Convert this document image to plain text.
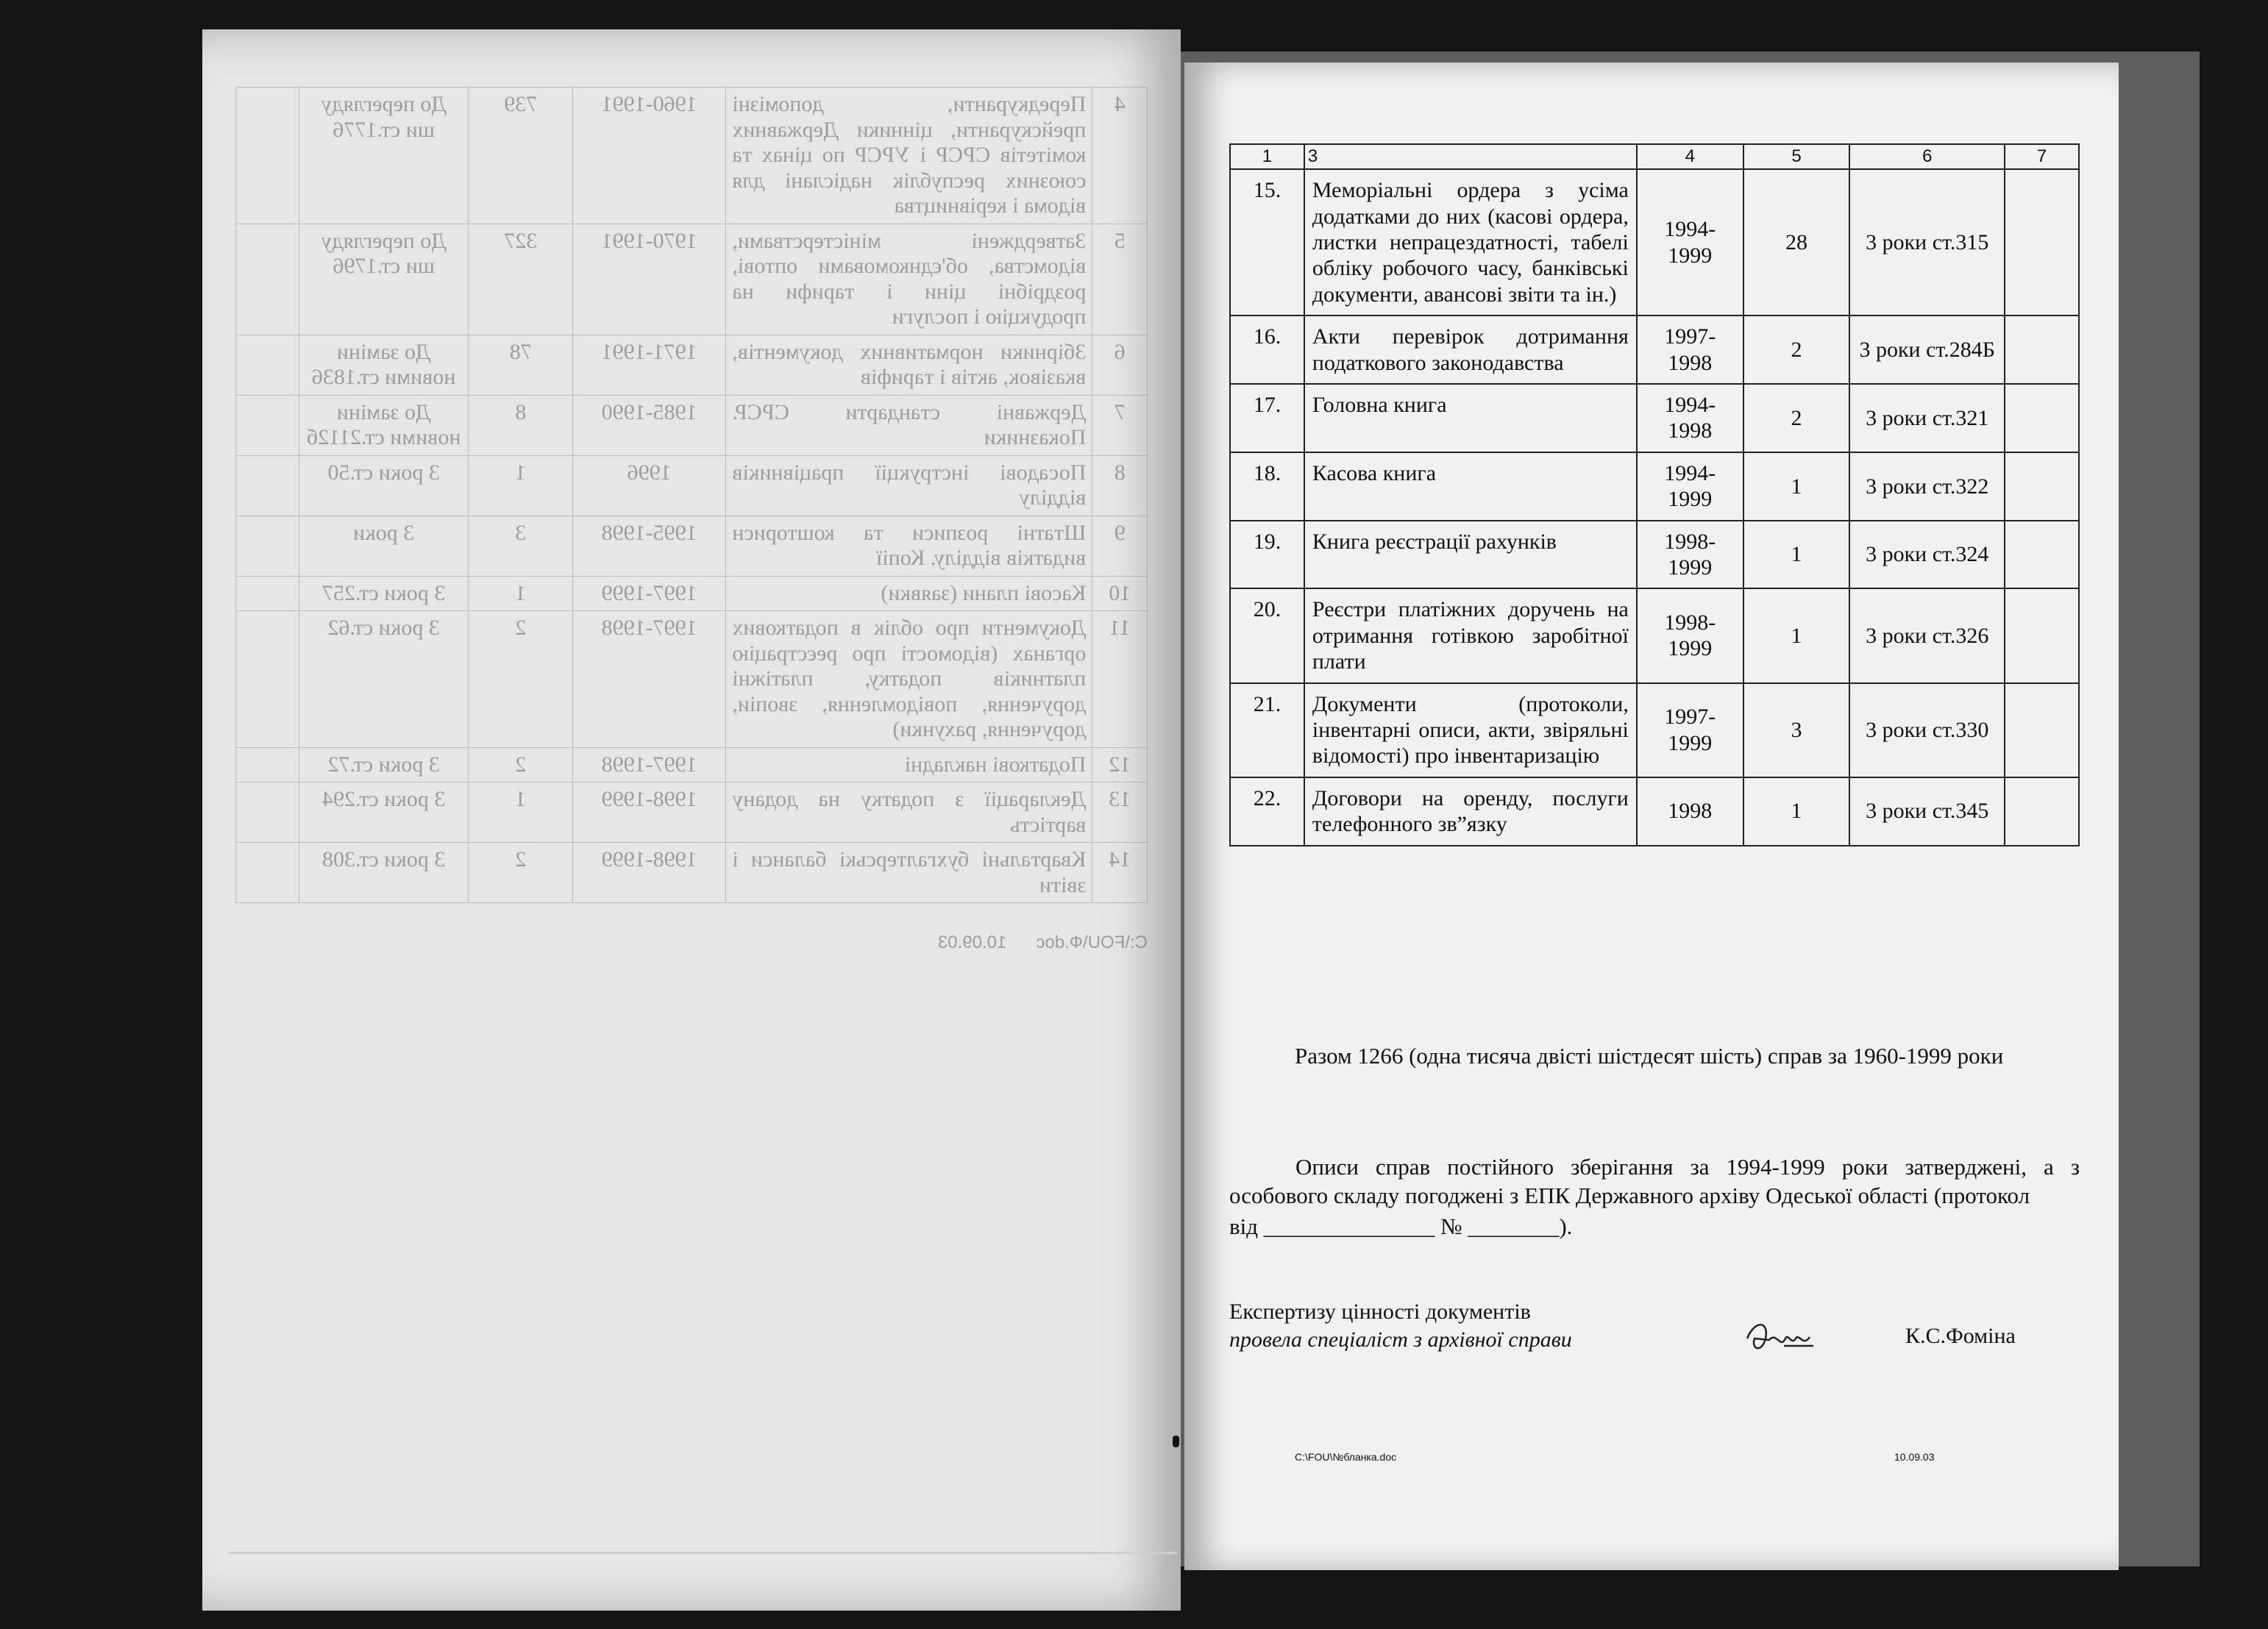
4	Передкуранти, допомізні прейскуранти, цінники Державних комітетів СРСР і УРСР по цінах та союзних республік надіслані для відома і керівництва	1960-1991	739	До перегляду ши ст.1776	
5	Затверджені міністерствами, відомства, об'єднкомовами оптові, роздрібні ціни і тарифи на продукцію і послуги	1970-1991	327	До перегляду ши ст.1796	
6	Збірники нормативних документів, вказівок, актів і тарифів	1971-1991	78	До заміни новими ст.1836	
7	Державні стандарти СРСР. Показники	1985-1990	8	До заміни новими ст.2112б	
8	Посадові інструкції працівників відділу	1996	1	3 роки ст.50	
9	Штатні розписи та кошторисн видатків відділу. Копії	1995-1998	3	3 роки	
10	Касові плани (заявки)	1997-1999	1	3 роки ст.257	
11	Документи про облік в податкових органах (відомості про реєстрацію платників податку, платіжні доручення, повідомлення, звопіи, доручення, рахунки)	1997-1998	2	3 роки ст.62	
12	Податкові накладні	1997-1998	2	3 роки ст.72	
13	Декларації з податку на додану вартість	1998-1999	1	3 роки ст.294	
14	Квартальні бухгалтерські баланси і звіти	1998-1999	2	3 роки ст.308	
C:\FOU\Ф.doc      10.09.03
1	3	4	5	6	7
15.	Меморіальні ордера з усіма додатками до них (касові ордера, листки непрацездатності, табелі обліку робочого часу, банківські документи, авансові звіти та ін.)	1994-1999	28	3 роки ст.315	
16.	Акти перевірок дотримання податкового законодавства	1997-1998	2	3 роки ст.284Б	
17.	Головна книга	1994-1998	2	3 роки ст.321	
18.	Касова книга	1994-1999	1	3 роки ст.322	
19.	Книга реєстрації рахунків	1998-1999	1	3 роки ст.324	
20.	Реєстри платіжних доручень на отримання готівкою заробітної плати	1998-1999	1	3 роки ст.326	
21.	Документи (протоколи, інвентарні описи, акти, звіряльні відомості) про інвентаризацію	1997-1999	3	3 роки ст.330	
22.	Договори на оренду, послуги телефонного зв”язку	1998	1	3 роки ст.345	
Разом 1266 (одна тисяча двісті шістдесят шість) справ за 1960-1999 роки
Описи справ постійного зберігання за 1994-1999 роки затверджені, а з особового складу погоджені з ЕПК Державного архіву Одеської області (протокол
від _______________ № ________).
Експертизу цінності документів
провела спеціаліст з архівної справи	К.С.Фоміна
C:\FOU\№бланка.doc	10.09.03
